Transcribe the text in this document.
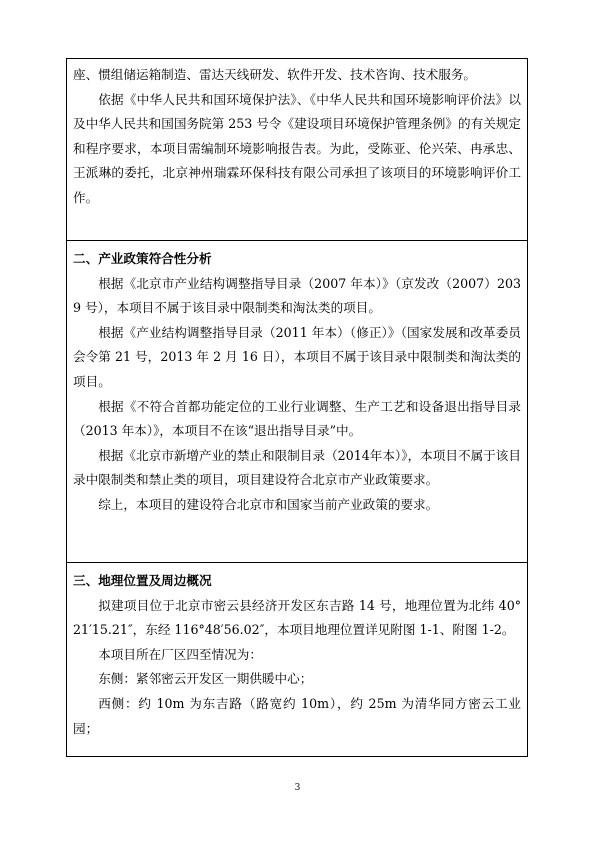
座、惯组储运箱制造、雷达天线研发、软件开发、技术咨询、技术服务。

依据《中华人民共和国环境保护法》、《中华人民共和国环境影响评价法》以及中华人民共和国国务院第 253 号令《建设项目环境保护管理条例》的有关规定和程序要求，本项目需编制环境影响报告表。为此，受陈亚、伦兴荣、冉承忠、王派琳的委托，北京神州瑞霖环保科技有限公司承担了该项目的环境影响评价工作。

二、产业政策符合性分析

根据《北京市产业结构调整指导目录（2007 年本）》（京发改（2007）2039 号），本项目不属于该目录中限制类和淘汰类的项目。

根据《产业结构调整指导目录（2011 年本）（修正）》（国家发展和改革委员会令第 21 号，2013 年 2 月 16 日），本项目不属于该目录中限制类和淘汰类的项目。

根据《不符合首都功能定位的工业行业调整、生产工艺和设备退出指导目录（2013 年本）》，本项目不在该“退出指导目录”中。

根据《北京市新增产业的禁止和限制目录（2014年本）》，本项目不属于该目录中限制类和禁止类的项目，项目建设符合北京市产业政策要求。

综上，本项目的建设符合北京市和国家当前产业政策的要求。

三、地理位置及周边概况

拟建项目位于北京市密云县经济开发区东吉路 14 号，地理位置为北纬 40°21′15.21″，东经 116°48′56.02″，本项目地理位置详见附图 1-1、附图 1-2。

本项目所在厂区四至情况为：

东侧：紧邻密云开发区一期供暖中心；

西侧：约 10m 为东吉路（路宽约 10m），约 25m 为清华同方密云工业园；

3
